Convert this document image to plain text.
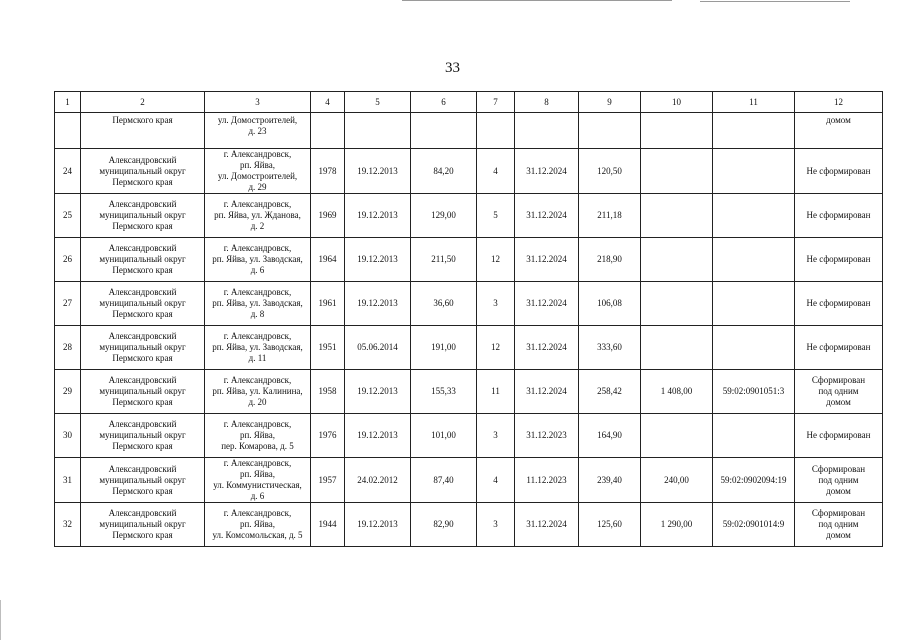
33
1	2	3	4	5	6	7	8	9	10	11	12
	Пермского края	ул. Домостроителей,
д. 23									домом
24	Александровский
муниципальный округ
Пермского края	г. Александровск,
рп. Яйва,
ул. Домостроителей,
д. 29	1978	19.12.2013	84,20	4	31.12.2024	120,50			Не сформирован
25	Александровский
муниципальный округ
Пермского края	г. Александровск,
рп. Яйва, ул. Жданова,
д. 2	1969	19.12.2013	129,00	5	31.12.2024	211,18			Не сформирован
26	Александровский
муниципальный округ
Пермского края	г. Александровск,
рп. Яйва, ул. Заводская,
д. 6	1964	19.12.2013	211,50	12	31.12.2024	218,90			Не сформирован
27	Александровский
муниципальный округ
Пермского края	г. Александровск,
рп. Яйва, ул. Заводская,
д. 8	1961	19.12.2013	36,60	3	31.12.2024	106,08			Не сформирован
28	Александровский
муниципальный округ
Пермского края	г. Александровск,
рп. Яйва, ул. Заводская,
д. 11	1951	05.06.2014	191,00	12	31.12.2024	333,60			Не сформирован
29	Александровский
муниципальный округ
Пермского края	г. Александровск,
рп. Яйва, ул. Калинина,
д. 20	1958	19.12.2013	155,33	11	31.12.2024	258,42	1 408,00	59:02:0901051:3	Сформирован
под одним
домом
30	Александровский
муниципальный округ
Пермского края	г. Александровск,
рп. Яйва,
пер. Комарова, д. 5	1976	19.12.2013	101,00	3	31.12.2023	164,90			Не сформирован
31	Александровский
муниципальный округ
Пермского края	г. Александровск,
рп. Яйва,
ул. Коммунистическая,
д. 6	1957	24.02.2012	87,40	4	11.12.2023	239,40	240,00	59:02:0902094:19	Сформирован
под одним
домом
32	Александровский
муниципальный округ
Пермского края	г. Александровск,
рп. Яйва,
ул. Комсомольская, д. 5	1944	19.12.2013	82,90	3	31.12.2024	125,60	1 290,00	59:02:0901014:9	Сформирован
под одним
домом
